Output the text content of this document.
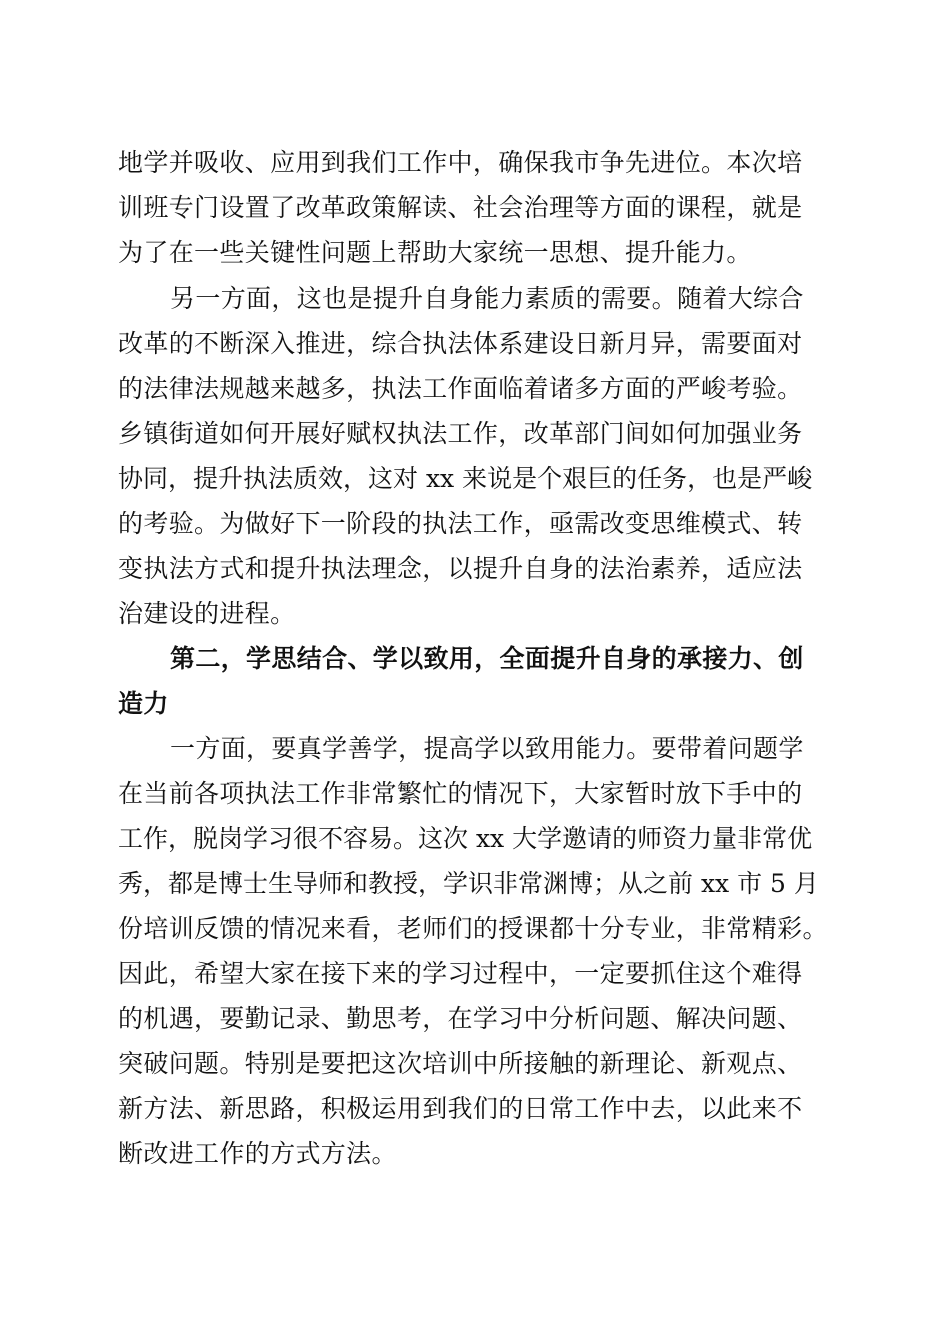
地学并吸收、应用到我们工作中，确保我市争先进位。本次培
训班专门设置了改革政策解读、社会治理等方面的课程，就是
为了在一些关键性问题上帮助大家统一思想、提升能力。
另一方面，这也是提升自身能力素质的需要。随着大综合
改革的不断深入推进，综合执法体系建设日新月异，需要面对
的法律法规越来越多，执法工作面临着诸多方面的严峻考验。
乡镇街道如何开展好赋权执法工作，改革部门间如何加强业务
协同，提升执法质效，这对 xx 来说是个艰巨的任务，也是严峻
的考验。为做好下一阶段的执法工作，亟需改变思维模式、转
变执法方式和提升执法理念，以提升自身的法治素养，适应法
治建设的进程。
第二，学思结合、学以致用，全面提升自身的承接力、创
造力
一方面，要真学善学，提高学以致用能力。要带着问题学
在当前各项执法工作非常繁忙的情况下，大家暂时放下手中的
工作，脱岗学习很不容易。这次 xx 大学邀请的师资力量非常优
秀，都是博士生导师和教授，学识非常渊博；从之前 xx 市 5 月
份培训反馈的情况来看，老师们的授课都十分专业，非常精彩。
因此，希望大家在接下来的学习过程中，一定要抓住这个难得
的机遇，要勤记录、勤思考，在学习中分析问题、解决问题、
突破问题。特别是要把这次培训中所接触的新理论、新观点、
新方法、新思路，积极运用到我们的日常工作中去，以此来不
断改进工作的方式方法。
